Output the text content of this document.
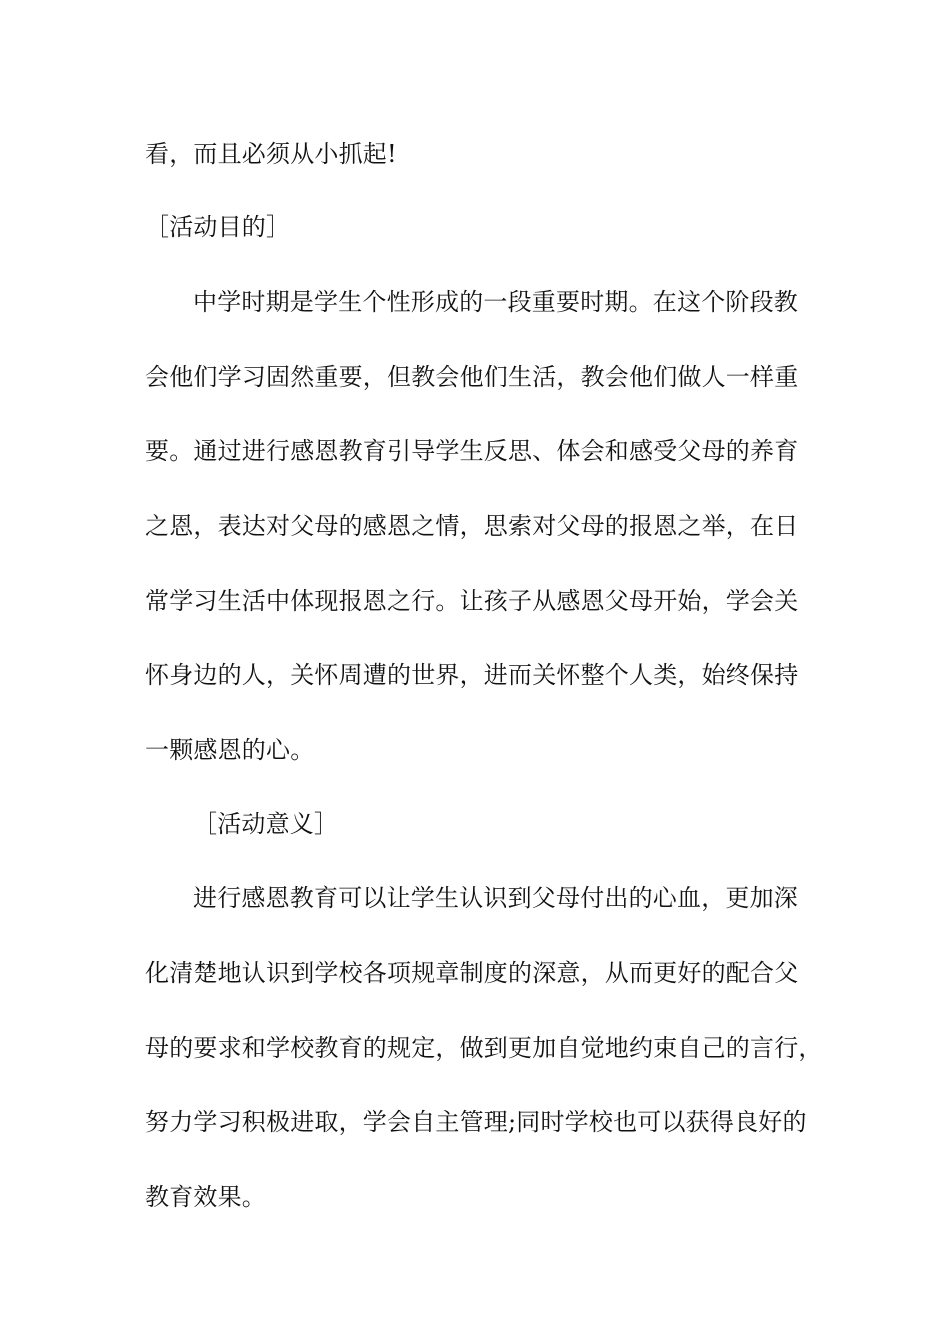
看，而且必须从小抓起!
［活动目的］
中学时期是学生个性形成的一段重要时期。在这个阶段教
会他们学习固然重要，但教会他们生活，教会他们做人一样重
要。通过进行感恩教育引导学生反思、体会和感受父母的养育
之恩，表达对父母的感恩之情，思索对父母的报恩之举，在日
常学习生活中体现报恩之行。让孩子从感恩父母开始，学会关
怀身边的人，关怀周遭的世界，进而关怀整个人类，始终保持
一颗感恩的心。
［活动意义］
进行感恩教育可以让学生认识到父母付出的心血，更加深
化清楚地认识到学校各项规章制度的深意，从而更好的配合父
母的要求和学校教育的规定，做到更加自觉地约束自己的言行，
努力学习积极进取，学会自主管理;同时学校也可以获得良好的
教育效果。
